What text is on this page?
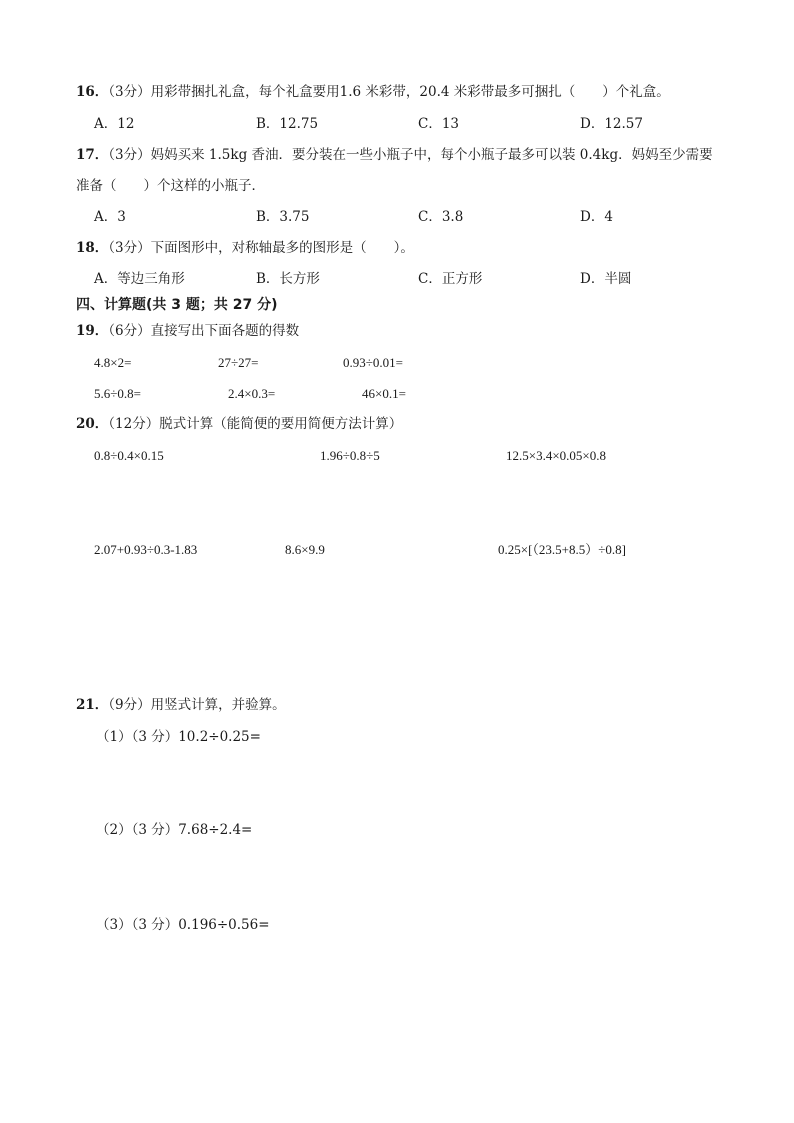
16．（3分）用彩带捆扎礼盒，每个礼盒要用1.6 米彩带，20.4 米彩带最多可捆扎（　　）个礼盒。
A．12	B．12.75	C．13	D．12.57
17．（3分）妈妈买来 1.5kg 香油．要分装在一些小瓶子中，每个小瓶子最多可以装 0.4kg．妈妈至少需要
准备（　　）个这样的小瓶子．
A．3	B．3.75	C．3.8	D．4
18．（3分）下面图形中，对称轴最多的图形是（　　）。
A．等边三角形	B．长方形	C．正方形	D．半圆
四、计算题(共 3 题；共 27 分)
19．（6分）直接写出下面各题的得数
4.8×2=	27÷27=	0.93÷0.01=
5.6÷0.8=	2.4×0.3=	46×0.1=
20．（12分）脱式计算（能简便的要用简便方法计算）
0.8÷0.4×0.15	1.96÷0.8÷5	12.5×3.4×0.05×0.8
2.07+0.93÷0.3-1.83	8.6×9.9	0.25×[（23.5+8.5）÷0.8]
21．（9分）用竖式计算，并验算。
（1）（3 分）10.2÷0.25=
（2）（3 分）7.68÷2.4=
（3）（3 分）0.196÷0.56=
